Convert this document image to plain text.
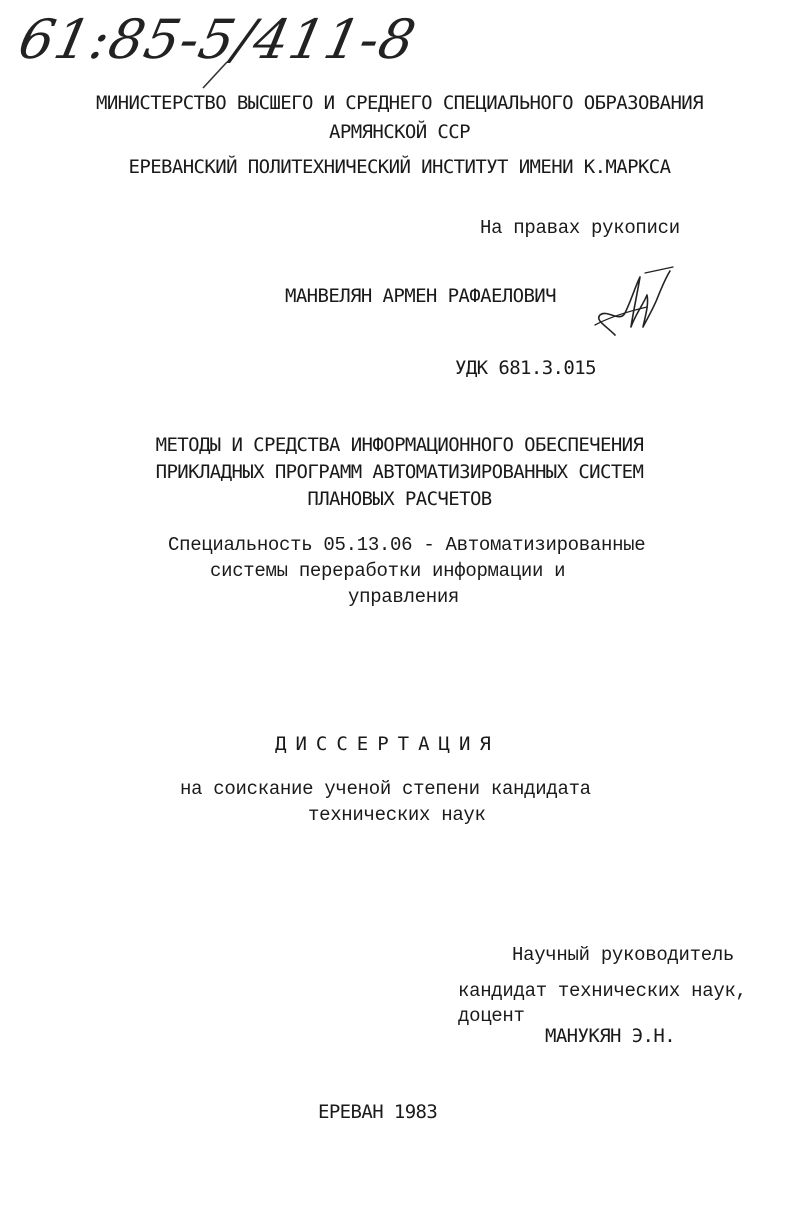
61:85-5/411-8
МИНИСТЕРСТВО ВЫСШЕГО И СРЕДНЕГО СПЕЦИАЛЬНОГО ОБРАЗОВАНИЯ
АРМЯНСКОЙ ССР
ЕРЕВАНСКИЙ ПОЛИТЕХНИЧЕСКИЙ ИНСТИТУТ ИМЕНИ К.МАРКСА
На правах рукописи
МАНВЕЛЯН АРМЕН РАФАЕЛОВИЧ
УДК 681.3.015
МЕТОДЫ И СРЕДСТВА ИНФОРМАЦИОННОГО ОБЕСПЕЧЕНИЯ
ПРИКЛАДНЫХ ПРОГРАММ АВТОМАТИЗИРОВАННЫХ СИСТЕМ
ПЛАНОВЫХ РАСЧЕТОВ
Специальность 05.13.06 - Автоматизированные
системы переработки информации и
управления
ДИССЕРТАЦИЯ
на соискание ученой степени кандидата
технических наук
Научный руководитель
кандидат технических наук,
доцент
МАНУКЯН Э.Н.
ЕРЕВАН 1983
